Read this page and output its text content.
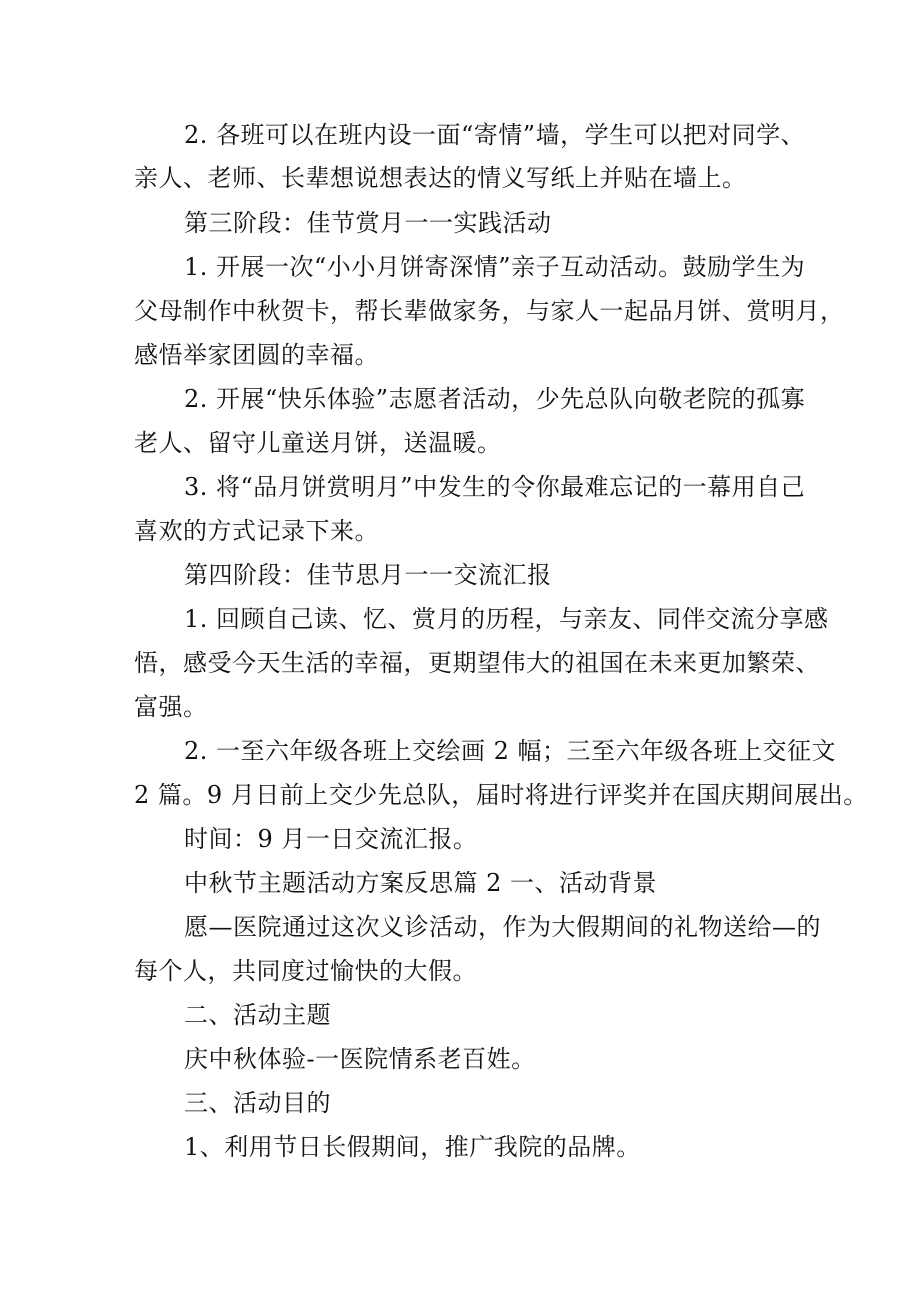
2. 各班可以在班内设一面“寄情”墙，学生可以把对同学、
亲人、老师、长辈想说想表达的情义写纸上并贴在墙上。
第三阶段：佳节赏月一一实践活动
1. 开展一次“小小月饼寄深情”亲子互动活动。鼓励学生为
父母制作中秋贺卡，帮长辈做家务，与家人一起品月饼、赏明月，
感悟举家团圆的幸福。
2. 开展“快乐体验”志愿者活动，少先总队向敬老院的孤寡
老人、留守儿童送月饼，送温暖。
3. 将“品月饼赏明月”中发生的令你最难忘记的一幕用自己
喜欢的方式记录下来。
第四阶段：佳节思月一一交流汇报
1. 回顾自己读、忆、赏月的历程，与亲友、同伴交流分享感
悟，感受今天生活的幸福，更期望伟大的祖国在未来更加繁荣、
富强。
2. 一至六年级各班上交绘画 2 幅；三至六年级各班上交征文
2 篇。9 月日前上交少先总队，届时将进行评奖并在国庆期间展出。
时间：9 月一日交流汇报。
中秋节主题活动方案反思篇 2 一、活动背景
愿—医院通过这次义诊活动，作为大假期间的礼物送给—的
每个人，共同度过愉快的大假。
二、活动主题
庆中秋体验-一医院情系老百姓。
三、活动目的
1、利用节日长假期间，推广我院的品牌。
